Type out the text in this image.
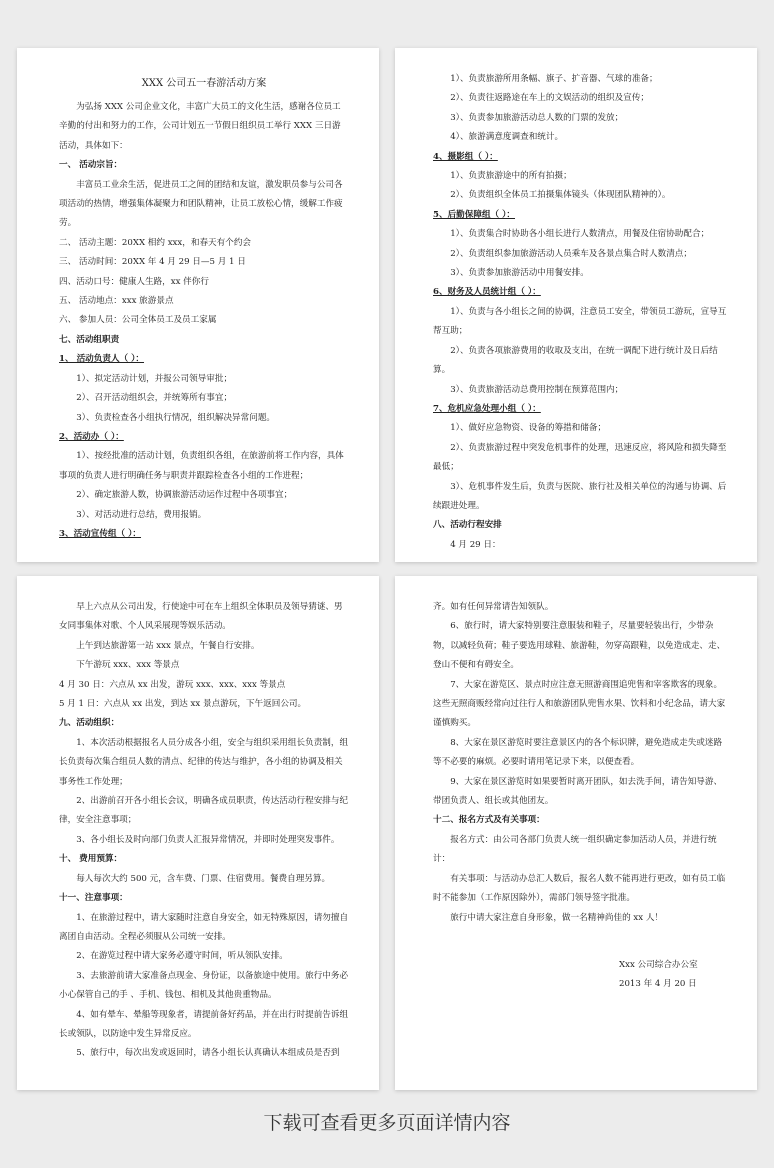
XXX 公司五一春游活动方案

为弘扬 XXX 公司企业文化，丰富广大员工的文化生活，感谢各位员工辛勤的付出和努力的工作，公司计划五一节假日组织员工举行 XXX 三日游活动，具体如下：

一、 活动宗旨：

丰富员工业余生活，促进员工之间的团结和友谊，激发职员参与公司各项活动的热情，增强集体凝聚力和团队精神，让员工放松心情，缓解工作疲劳。

二、 活动主题：20XX 相约 xxx，和春天有个约会

三、 活动时间：20XX 年 4 月 29 日—5 月 1 日

四、活动口号：健康人生路，xx 伴你行

五、 活动地点：xxx 旅游景点

六、 参加人员：公司全体员工及员工家属

七、活动组职责

1、 活动负责人（ ）：

1）、拟定活动计划，并报公司领导审批；

2）、召开活动组织会，并统筹所有事宜；

3）、负责检查各小组执行情况，组织解决异常问题。

2、活动办（ ）：

1）、按经批准的活动计划，负责组织各组，在旅游前将工作内容，具体事项的负责人进行明确任务与职责并跟踪检查各小组的工作进程；

2）、确定旅游人数，协调旅游活动运作过程中各项事宜；

3）、对活动进行总结，费用报销。

3、活动宣传组（ ）：

1）、负责旅游所用条幅、旗子、扩音器、气球的准备；

2）、负责往返路途在车上的文娱活动的组织及宣传；

3）、负责参加旅游活动总人数的门票的发放；

4）、旅游满意度调查和统计。

4、摄影组（ ）：

1）、负责旅游途中的所有拍摄；

2）、负责组织全体员工拍摄集体镜头（体现团队精神的）。

5、后勤保障组（ ）：

1）、负责集合时协助各小组长进行人数清点，用餐及住宿协助配合；

2）、负责组织参加旅游活动人员乘车及各景点集合时人数清点；

3）、负责参加旅游活动中用餐安排。

6、财务及人员统计组（ ）：

1）、负责与各小组长之间的协调，注意员工安全，带领员工游玩，宣导互帮互助；

2）、负责各项旅游费用的收取及支出，在统一调配下进行统计及日后结算。

3）、负责旅游活动总费用控制在预算范围内；

7、危机应急处理小组（ ）：

1）、做好应急物资、设备的筹措和储备；

2）、负责旅游过程中突发危机事件的处理，迅速反应，将风险和损失降至最低；

3）、危机事件发生后，负责与医院、旅行社及相关单位的沟通与协调、后续跟进处理。

八、活动行程安排

4 月 29 日：

早上六点从公司出发，行使途中可在车上组织全体职员及领导猜谜、男女同事集体对歌、个人风采展现等娱乐活动。

上午到达旅游第一站 xxx 景点，午餐自行安排。

下午游玩 xxx、xxx 等景点

4 月 30 日：六点从 xx 出发，游玩 xxx、xxx、xxx 等景点

5 月 1 日：六点从 xx 出发，到达 xx 景点游玩，下午返回公司。

九、活动组织：

1、本次活动根据报名人员分成各小组，安全与组织采用组长负责制，组长负责每次集合组员人数的清点、纪律的传达与维护，各小组的协调及相关事务性工作处理；

2、出游前召开各小组长会议，明确各成员职责，传达活动行程安排与纪律，安全注意事项；

3、各小组长及时向部门负责人汇报异常情况，并即时处理突发事件。

十、 费用预算：

每人每次大约 500 元，含车费、门票、住宿费用。餐费自理另算。

十一、注意事项：

1、在旅游过程中，请大家随时注意自身安全，如无特殊原因，请勿擅自离团自由活动。全程必须服从公司统一安排。

2、在游览过程中请大家务必遵守时间，听从领队安排。

3、去旅游前请大家准备点现金、身份证，以备旅途中使用。旅行中务必小心保管自己的手 、手机、钱包、相机及其他贵重物品。

4、如有晕车、晕船等现象者，请提前备好药品，并在出行时提前告诉组长或领队，以防途中发生异常反应。

5、旅行中，每次出发或返回时，请各小组长认真确认本组成员是否到

齐。如有任何异常请告知领队。

6、旅行时，请大家特别要注意服装和鞋子，尽量要轻装出行，少带杂物，以减轻负荷；鞋子要选用球鞋、旅游鞋，勿穿高跟鞋，以免造成走、走、登山不便和有碍安全。

7、大家在游览区、景点时应注意无照游商围追兜售和宰客欺客的现象。这些无照商贩经常向过往行人和旅游团队兜售水果、饮料和小纪念品，请大家谨慎购买。

8、大家在景区游览时要注意景区内的各个标识牌，避免造成走失或迷路等不必要的麻烦。必要时请用笔记录下来，以便查看。

9、大家在景区游览时如果要暂时离开团队，如去洗手间，请告知导游、带团负责人、组长或其他团友。

十二、报名方式及有关事项：

报名方式：由公司各部门负责人统一组织确定参加活动人员，并进行统计：

有关事项：与活动办总汇人数后，报名人数不能再进行更改，如有员工临时不能参加（工作原因除外），需部门领导签字批准。

旅行中请大家注意自身形象，做一名精神尚佳的 xx 人！

Xxx 公司综合办公室

2013 年 4 月 20 日

下载可查看更多页面详情内容
